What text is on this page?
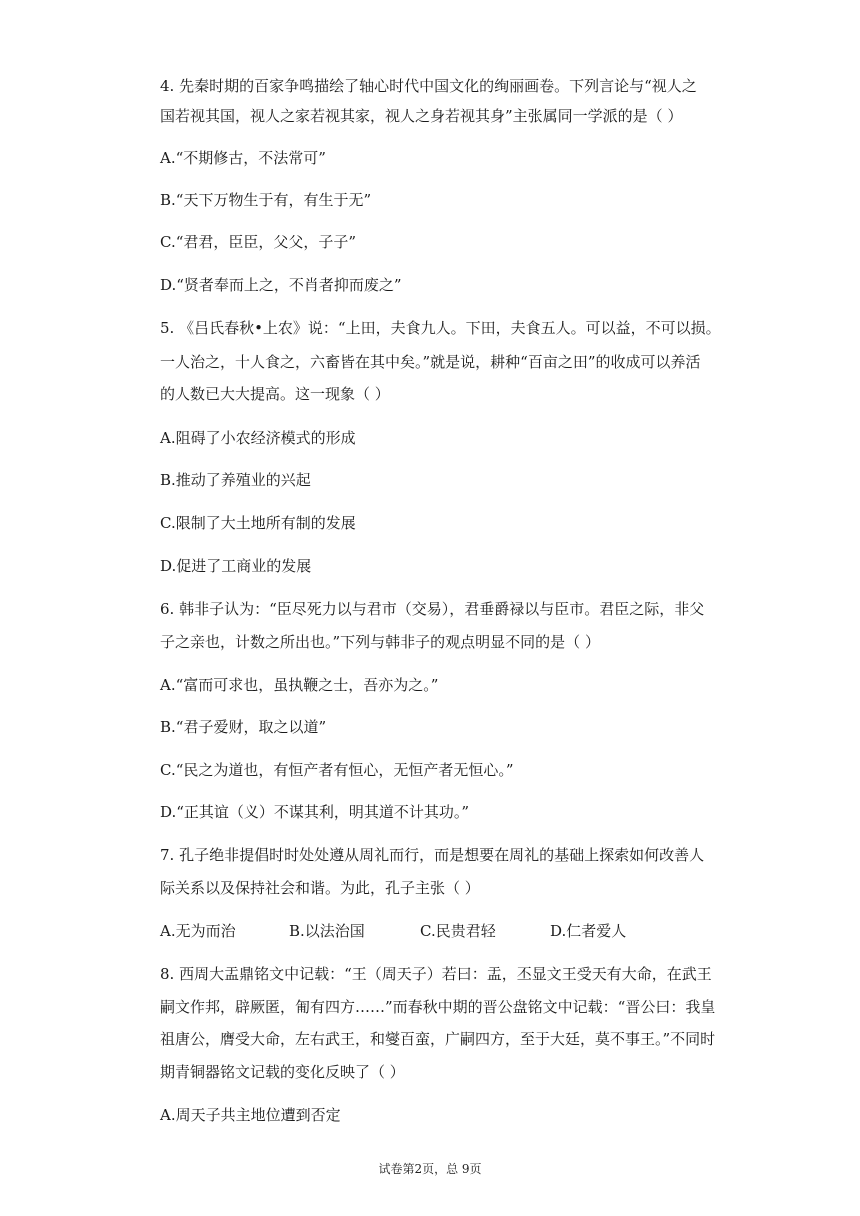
4. 先秦时期的百家争鸣描绘了轴心时代中国文化的绚丽画卷。下列言论与“视人之
国若视其国，视人之家若视其家，视人之身若视其身”主张属同一学派的是（ ）
A.“不期修古，不法常可”
B.“天下万物生于有，有生于无”
C.“君君，臣臣，父父，子子”
D.“贤者奉而上之，不肖者抑而废之”
5. 《吕氏春秋•上农》说：“上田，夫食九人。下田，夫食五人。可以益，不可以损。
一人治之，十人食之，六畜皆在其中矣。”就是说，耕种“百亩之田”的收成可以养活
的人数已大大提高。这一现象（ ）
A.阻碍了小农经济模式的形成
B.推动了养殖业的兴起
C.限制了大土地所有制的发展
D.促进了工商业的发展
6. 韩非子认为：“臣尽死力以与君市（交易），君垂爵禄以与臣市。君臣之际，非父
子之亲也，计数之所出也。”下列与韩非子的观点明显不同的是（ ）
A.“富而可求也，虽执鞭之士，吾亦为之。”
B.“君子爱财，取之以道”
C.“民之为道也，有恒产者有恒心，无恒产者无恒心。”
D.“正其谊（义）不谋其利，明其道不计其功。”
7. 孔子绝非提倡时时处处遵从周礼而行，而是想要在周礼的基础上探索如何改善人
际关系以及保持社会和谐。为此，孔子主张（ ）
A.无为而治	B.以法治国	C.民贵君轻	D.仁者爱人
8. 西周大盂鼎铭文中记载：“王（周天子）若曰：盂，丕显文王受天有大命，在武王
嗣文作邦，辟厥匿，匍有四方……”而春秋中期的晋公盘铭文中记载：“晋公曰：我皇
祖唐公，膺受大命，左右武王，和燮百蛮，广嗣四方，至于大廷，莫不事王。”不同时
期青铜器铭文记载的变化反映了（ ）
A.周天子共主地位遭到否定
试卷第2页，总 9页
